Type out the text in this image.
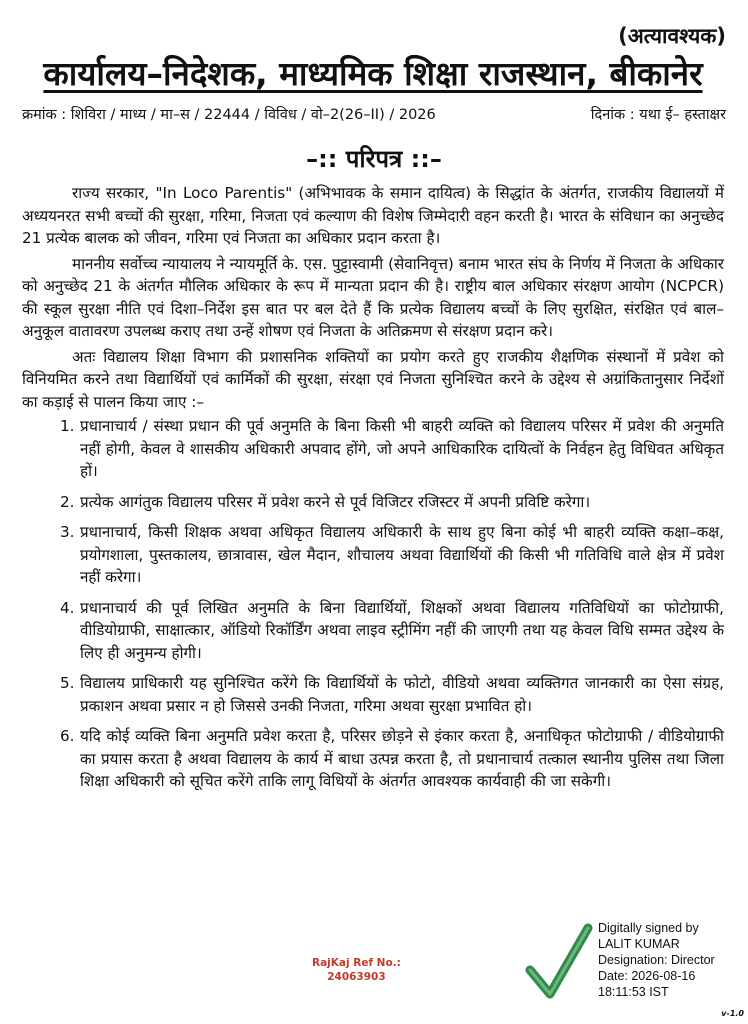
(अत्यावश्यक)
कार्यालय–निदेशक, माध्यमिक शिक्षा राजस्थान, बीकानेर
क्रमांक : शिविरा / माध्य / मा–स / 22444 / विविध / वो–2(26–II) / 2026	दिनांक : यथा ई– हस्ताक्षर
–:: परिपत्र ::–

राज्य सरकार, "In Loco Parentis" (अभिभावक के समान दायित्व) के सिद्धांत के अंतर्गत, राजकीय विद्यालयों में अध्ययनरत सभी बच्चों की सुरक्षा, गरिमा, निजता एवं कल्याण की विशेष जिम्मेदारी वहन करती है। भारत के संविधान का अनुच्छेद 21 प्रत्येक बालक को जीवन, गरिमा एवं निजता का अधिकार प्रदान करता है।

माननीय सर्वोच्च न्यायालय ने न्यायमूर्ति के. एस. पुट्टास्वामी (सेवानिवृत्त) बनाम भारत संघ के निर्णय में निजता के अधिकार को अनुच्छेद 21 के अंतर्गत मौलिक अधिकार के रूप में मान्यता प्रदान की है। राष्ट्रीय बाल अधिकार संरक्षण आयोग (NCPCR) की स्कूल सुरक्षा नीति एवं दिशा–निर्देश इस बात पर बल देते हैं कि प्रत्येक विद्यालय बच्चों के लिए सुरक्षित, संरक्षित एवं बाल–अनुकूल वातावरण उपलब्ध कराए तथा उन्हें शोषण एवं निजता के अतिक्रमण से संरक्षण प्रदान करे।

अतः विद्यालय शिक्षा विभाग की प्रशासनिक शक्तियों का प्रयोग करते हुए राजकीय शैक्षणिक संस्थानों में प्रवेश को विनियमित करने तथा विद्यार्थियों एवं कार्मिकों की सुरक्षा, संरक्षा एवं निजता सुनिश्चित करने के उद्देश्य से अग्रांकितानुसार निर्देशों का कड़ाई से पालन किया जाए :–

1. प्रधानाचार्य / संस्था प्रधान की पूर्व अनुमति के बिना किसी भी बाहरी व्यक्ति को विद्यालय परिसर में प्रवेश की अनुमति नहीं होगी, केवल वे शासकीय अधिकारी अपवाद होंगे, जो अपने आधिकारिक दायित्वों के निर्वहन हेतु विधिवत अधिकृत हों।
2. प्रत्येक आगंतुक विद्यालय परिसर में प्रवेश करने से पूर्व विजिटर रजिस्टर में अपनी प्रविष्टि करेगा।
3. प्रधानाचार्य, किसी शिक्षक अथवा अधिकृत विद्यालय अधिकारी के साथ हुए बिना कोई भी बाहरी व्यक्ति कक्षा–कक्ष, प्रयोगशाला, पुस्तकालय, छात्रावास, खेल मैदान, शौचालय अथवा विद्यार्थियों की किसी भी गतिविधि वाले क्षेत्र में प्रवेश नहीं करेगा।
4. प्रधानाचार्य की पूर्व लिखित अनुमति के बिना विद्यार्थियों, शिक्षकों अथवा विद्यालय गतिविधियों का फोटोग्राफी, वीडियोग्राफी, साक्षात्कार, ऑडियो रिकॉर्डिंग अथवा लाइव स्ट्रीमिंग नहीं की जाएगी तथा यह केवल विधि सम्मत उद्देश्य के लिए ही अनुमन्य होगी।
5. विद्यालय प्राधिकारी यह सुनिश्चित करेंगे कि विद्यार्थियों के फोटो, वीडियो अथवा व्यक्तिगत जानकारी का ऐसा संग्रह, प्रकाशन अथवा प्रसार न हो जिससे उनकी निजता, गरिमा अथवा सुरक्षा प्रभावित हो।
6. यदि कोई व्यक्ति बिना अनुमति प्रवेश करता है, परिसर छोड़ने से इंकार करता है, अनाधिकृत फोटोग्राफी / वीडियोग्राफी का प्रयास करता है अथवा विद्यालय के कार्य में बाधा उत्पन्न करता है, तो प्रधानाचार्य तत्काल स्थानीय पुलिस तथा जिला शिक्षा अधिकारी को सूचित करेंगे ताकि लागू विधियों के अंतर्गत आवश्यक कार्यवाही की जा सकेगी।
RajKaj Ref No.:
24063903
Digitally signed by
LALIT KUMAR
Designation: Director
Date: 2026-08-16
18:11:53 IST
v-1.0
